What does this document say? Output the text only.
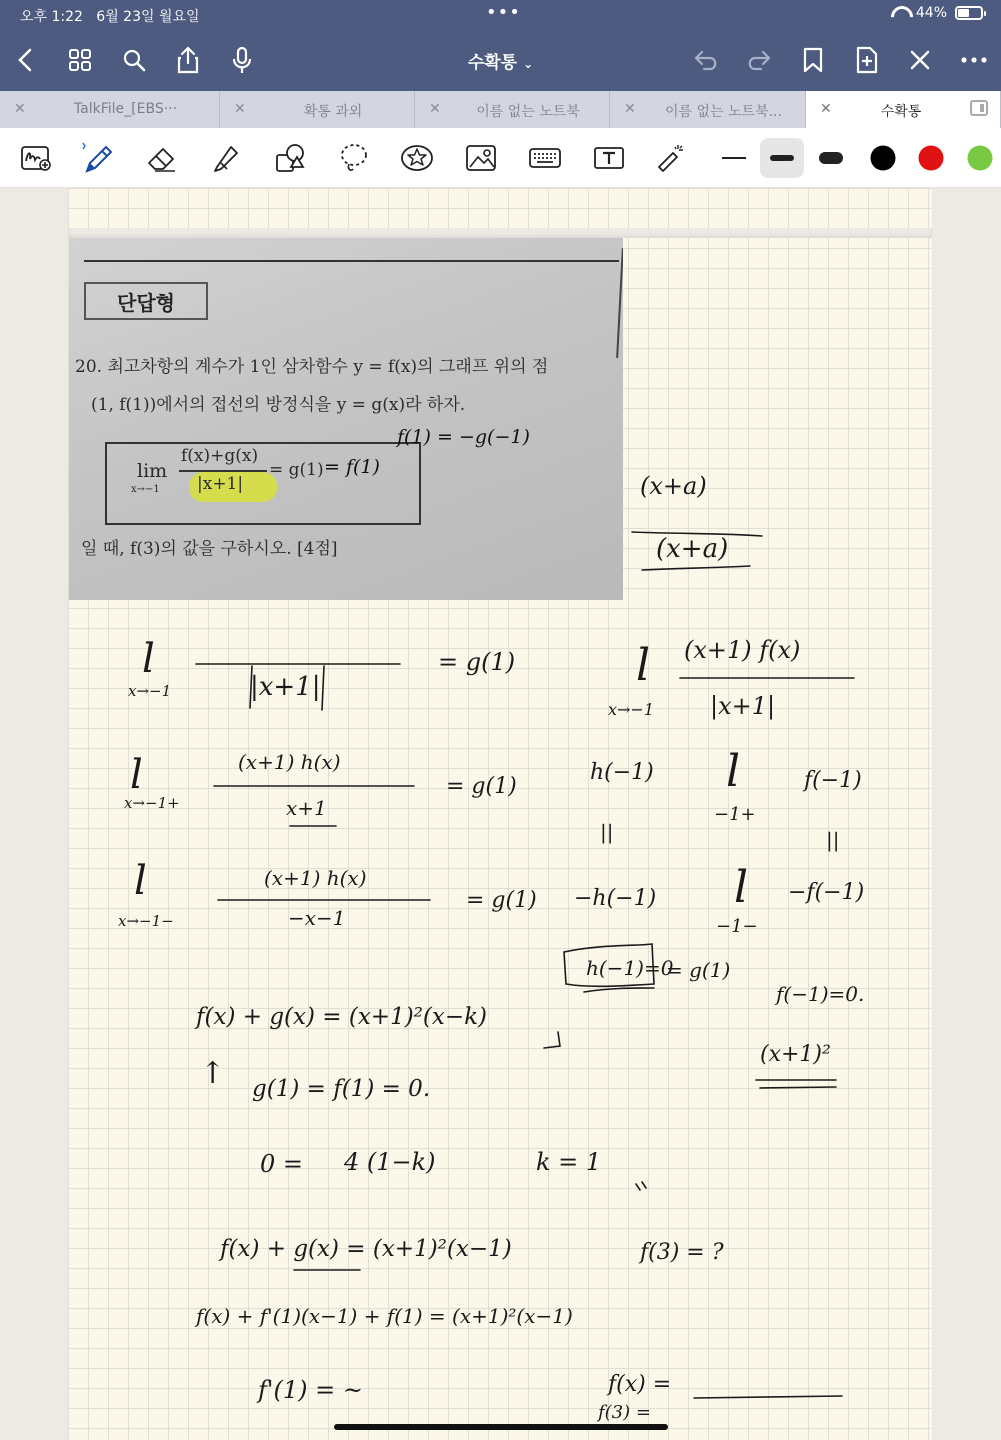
오후 1:22 6월 23일 월요일	•••	44%
수확통 ⌄
✕	TalkFile_[EBS···	✕	확통 과외	✕	이름 없는 노트북	✕	이름 없는 노트북...	✕	수확통
단답형
20. 최고차항의 계수가 1인 삼차함수 y = f(x)의 그래프 위의 점
(1, f(1))에서의 접선의 방정식을 y = g(x)라 하자.
lim
x→−1
f(x)+g(x)
|x+1|
= g(1) = f(1)
f(1) = −g(−1)
일 때, f(3)의 값을 구하시오. [4점]
(x+a)
(x+a)
l
x→−1	|x+1|
= g(1)	(x+1) f(x)
l
x→−1 |x+1|
l
x→−1+
(x+1) h(x)
x+1
= g(1)
h(−1)
||
l
−1+
f(−1)
||
l
x→−1−
(x+1) h(x)
−x−1
= g(1) −h(−1) l
−1−
−f(−1)
h(−1)=0
= g(1)
f(−1)=0.
f(x) + g(x) = (x+1)²(x−k)
(x+1)²
↑ g(1) = f(1) = 0.
0 = 4 (1−k)	k = 1
f(x) + g(x) = (x+1)²(x−1)	f(3) = ?
f(x) + f'(1)(x−1) + f(1) = (x+1)²(x−1)
f'(1) = ~	f(x) =
f(3) =
